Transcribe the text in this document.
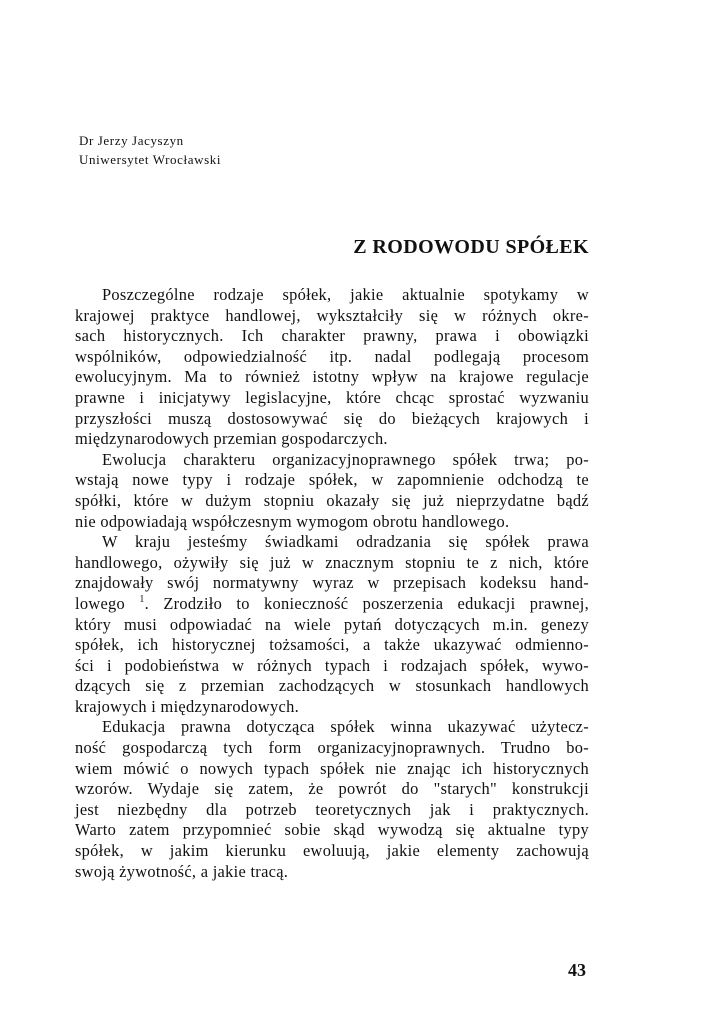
Dr Jerzy Jacyszyn
Uniwersytet Wrocławski
Z RODOWODU SPÓŁEK
Poszczególne rodzaje spółek, jakie aktualnie spotykamy w
krajowej praktyce handlowej, wykształciły się w różnych okre-
sach historycznych. Ich charakter prawny, prawa i obowiązki
wspólników, odpowiedzialność itp. nadal podlegają procesom
ewolucyjnym. Ma to również istotny wpływ na krajowe regulacje
prawne i inicjatywy legislacyjne, które chcąc sprostać wyzwaniu
przyszłości muszą dostosowywać się do bieżących krajowych i
międzynarodowych przemian gospodarczych.
Ewolucja charakteru organizacyjnoprawnego spółek trwa; po-
wstają nowe typy i rodzaje spółek, w zapomnienie odchodzą te
spółki, które w dużym stopniu okazały się już nieprzydatne bądź
nie odpowiadają współczesnym wymogom obrotu handlowego.
W kraju jesteśmy świadkami odradzania się spółek prawa
handlowego, ożywiły się już w znacznym stopniu te z nich, które
znajdowały swój normatywny wyraz w przepisach kodeksu hand-
lowego $^1$. Zrodziło to konieczność poszerzenia edukacji prawnej,
który musi odpowiadać na wiele pytań dotyczących m.in. genezy
spółek, ich historycznej tożsamości, a także ukazywać odmienno-
ści i podobieństwa w różnych typach i rodzajach spółek, wywo-
dzących się z przemian zachodzących w stosunkach handlowych
krajowych i międzynarodowych.
Edukacja prawna dotycząca spółek winna ukazywać użytecz-
ność gospodarczą tych form organizacyjnoprawnych. Trudno bo-
wiem mówić o nowych typach spółek nie znając ich historycznych
wzorów. Wydaje się zatem, że powrót do "starych" konstrukcji
jest niezbędny dla potrzeb teoretycznych jak i praktycznych.
Warto zatem przypomnieć sobie skąd wywodzą się aktualne typy
spółek, w jakim kierunku ewoluują, jakie elementy zachowują
swoją żywotność, a jakie tracą.
43
